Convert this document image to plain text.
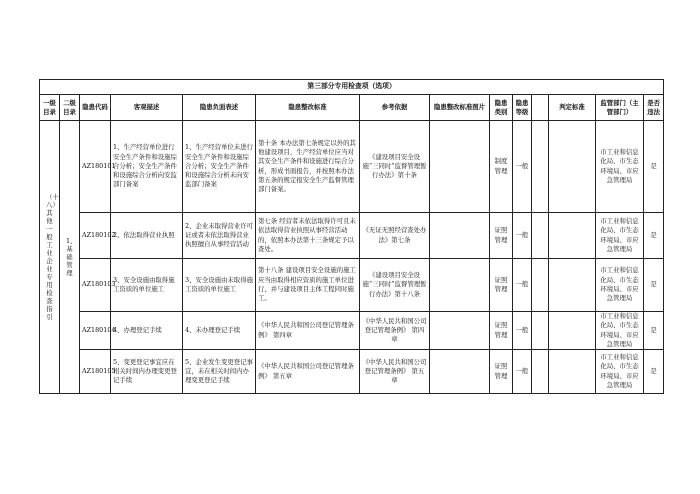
第三部分专用检查项（选项）													
一级目录	二级目录	隐患代码	客观描述	隐患负面表述	隐患整改标准	参考依据	隐患整改标准图片	隐患类别	隐患等级		判定标准	监管部门（主管部门）	是否违法

（十八）其他一般工业企业专用检查指引	1、基础管理	AZ180101	1、生产经营单位进行安全生产条件和设施综合分析；安全生产条件和设施综合分析向安监部门备案	1、生产经营单位未进行安全生产条件和设施综合分析；安全生产条件和设施综合分析未向安监部门备案	第十条 本办法第七条规定以外的其他建设项目，生产经营单位应当对其安全生产条件和设施进行综合分析，形成书面报告，并按照本办法第五条的规定报安全生产监督管理部门备案。	《建设项目安全设施“三同时”监督管理暂行办法》第十条		制度管理	一般			市工业和信息化局、市生态环境局、市应急管理局	是
		AZ180102	2、依法取得营业执照	2、企业未取得营业许可证或者未依法取得营业执照擅自从事经营活动	第七条 经营者未依法取得许可且未依法取得营业执照从事经营活动的，依照本办法第十三条规定予以查处。	《无证无照经营查处办法》第七条		证照管理	一般			市工业和信息化局、市生态环境局、市应急管理局	是
		AZ180103	3、安全设施由取得施工资质的单位施工	3、安全设施由未取得施工资质的单位施工	第十八条 建设项目安全设施的施工应当由取得相应资质的施工单位进行，并与建设项目主体工程同时施工。	《建设项目安全设施“三同时”监督管理暂行办法》第十八条		证照管理	一般			市工业和信息化局、市生态环境局、市应急管理局	是
		AZ180104	4、办理登记手续	4、未办理登记手续	《中华人民共和国公司登记管理条例》 第四章	《中华人民共和国公司登记管理条例》 第四章		证照管理	一般			市工业和信息化局、市生态环境局、市应急管理局	是
		AZ180105	5、变更登记事宜应在相关时间内办理变更登记手续	5、企业发生变更登记事宜，未在相关时间内办理变更登记手续	《中华人民共和国公司登记管理条例》 第五章	《中华人民共和国公司登记管理条例》 第五章		证照管理	一般			市工业和信息化局、市生态环境局、市应急管理局	是
